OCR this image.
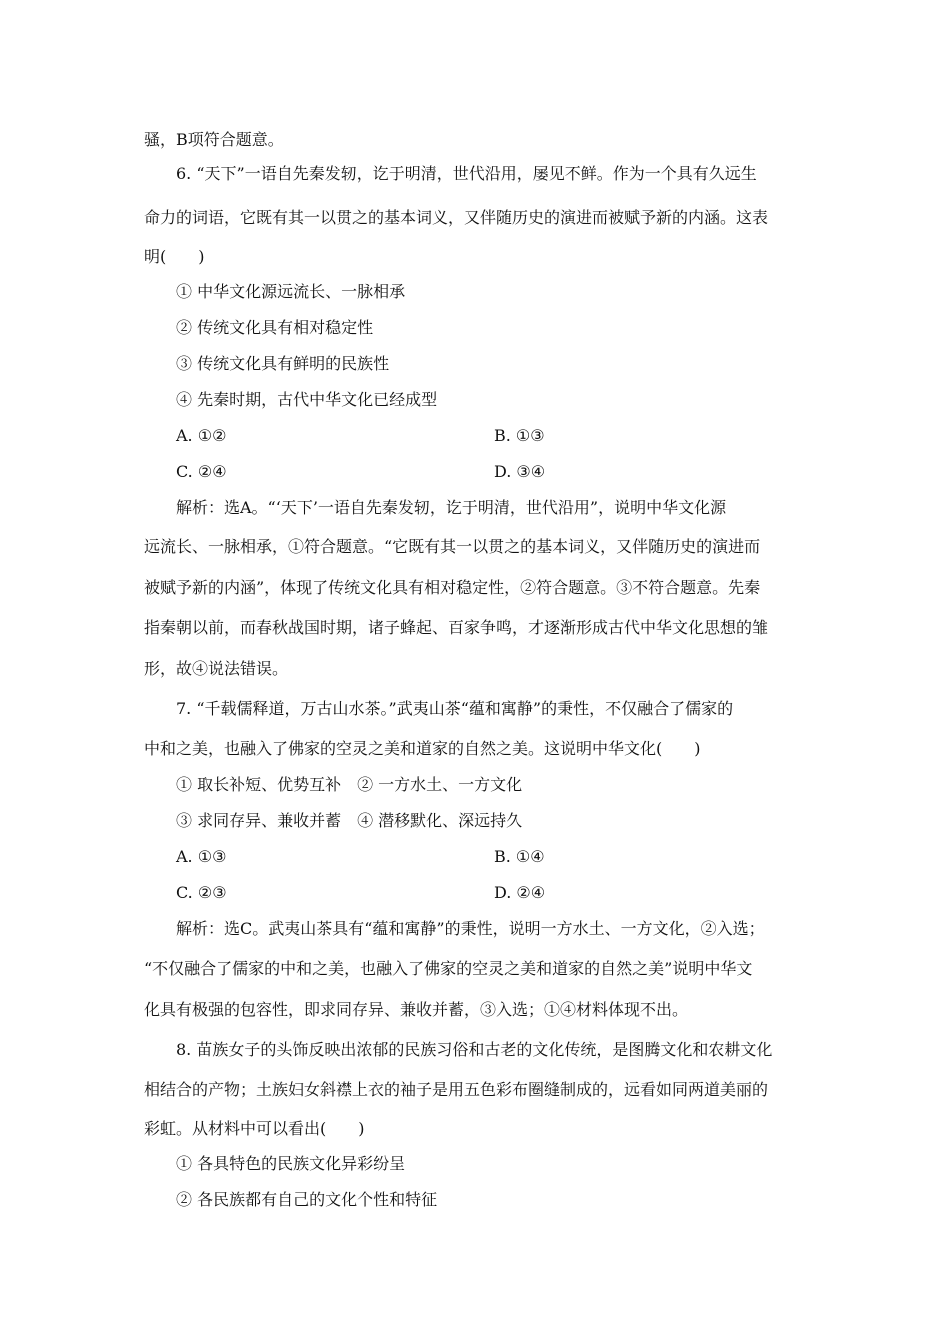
骚，B项符合题意。
6. “天下”一语自先秦发轫，讫于明清，世代沿用，屡见不鲜。作为一个具有久远生
命力的词语，它既有其一以贯之的基本词义，又伴随历史的演进而被赋予新的内涵。这表
明(　　)
① 中华文化源远流长、一脉相承
② 传统文化具有相对稳定性
③ 传统文化具有鲜明的民族性
④ 先秦时期，古代中华文化已经成型
A. ①②	B. ①③
C. ②④	D. ③④
解析：选A。“‘天下’一语自先秦发轫，讫于明清，世代沿用”，说明中华文化源
远流长、一脉相承，①符合题意。“它既有其一以贯之的基本词义，又伴随历史的演进而
被赋予新的内涵”，体现了传统文化具有相对稳定性，②符合题意。③不符合题意。先秦
指秦朝以前，而春秋战国时期，诸子蜂起、百家争鸣，才逐渐形成古代中华文化思想的雏
形，故④说法错误。
7. “千载儒释道，万古山水茶。”武夷山茶“蕴和寓静”的秉性，不仅融合了儒家的
中和之美，也融入了佛家的空灵之美和道家的自然之美。这说明中华文化(　　)
① 取长补短、优势互补　② 一方水土、一方文化
③ 求同存异、兼收并蓄　④ 潜移默化、深远持久
A. ①③	B. ①④
C. ②③	D. ②④
解析：选C。武夷山茶具有“蕴和寓静”的秉性，说明一方水土、一方文化，②入选；
“不仅融合了儒家的中和之美，也融入了佛家的空灵之美和道家的自然之美”说明中华文
化具有极强的包容性，即求同存异、兼收并蓄，③入选；①④材料体现不出。
8. 苗族女子的头饰反映出浓郁的民族习俗和古老的文化传统，是图腾文化和农耕文化
相结合的产物；土族妇女斜襟上衣的袖子是用五色彩布圈缝制成的，远看如同两道美丽的
彩虹。从材料中可以看出(　　)
① 各具特色的民族文化异彩纷呈
② 各民族都有自己的文化个性和特征
